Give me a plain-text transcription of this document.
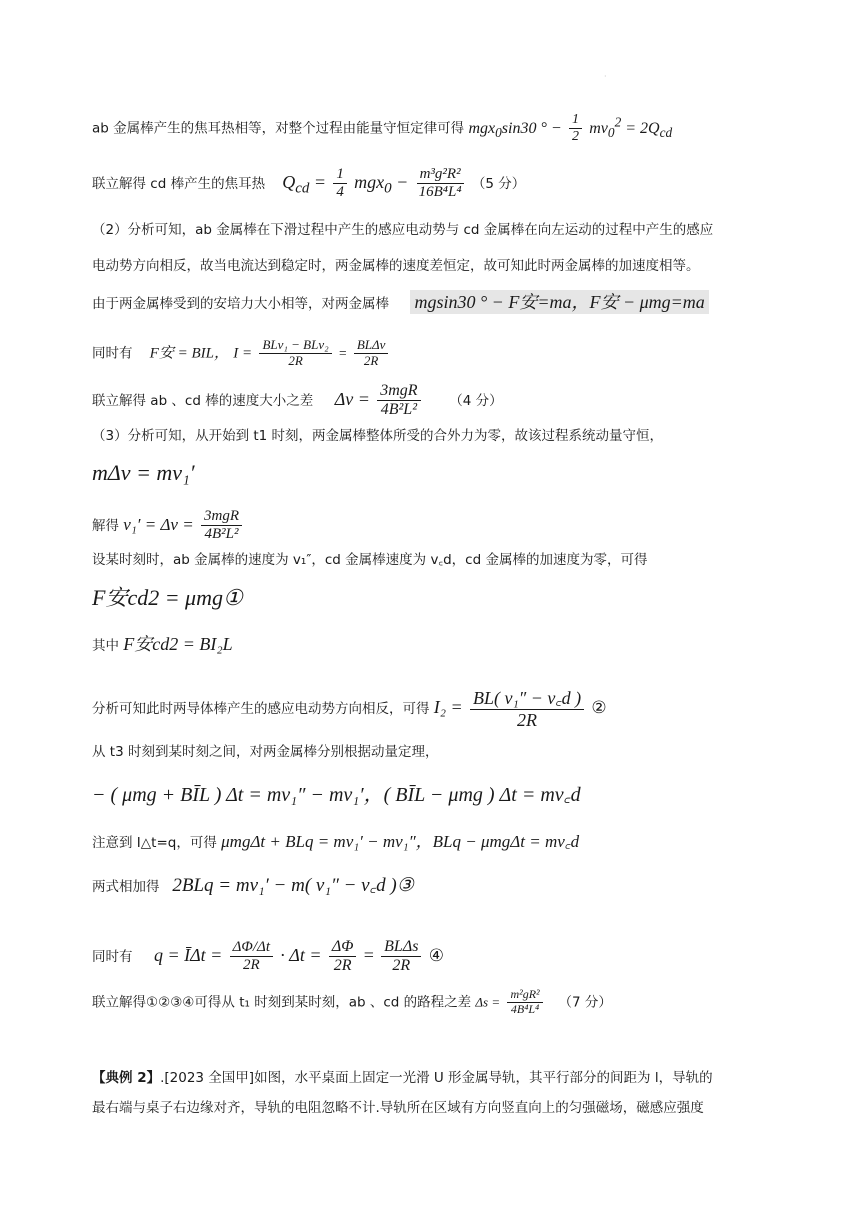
·
ab 金属棒产生的焦耳热相等，对整个过程由能量守恒定律可得 mgx$_0$sin30 ° − $\frac{1}{2} mv_0^2 = 2Q_{cd}$
联立解得 cd 棒产生的焦耳热 $Q_{cd} = \frac{1}{4} mgx_0 - \frac{\text{m³g²R²}}{\text{16B⁴L⁴}} (5$ 分）
（2）分析可知，ab 金属棒在下滑过程中产生的感应电动势与 cd 金属棒在向左运动的过程中产生的感应
电动势方向相反，故当电流达到稳定时，两金属棒的速度差恒定，故可知此时两金属棒的加速度相等。
由于两金属棒受到的安培力大小相等，对两金属棒 mgsin30 ° − F安=ma，F安 − μmg=ma
同时有 F安 = BIL， $I = \frac{\text{BLv₁ − BLv₂}}{2R} = \frac{\text{BLΔv}}{2R}$
联立解得 ab 、cd 棒的速度大小之差 $\Delta v = \frac{\text{3mgR}}{\text{4B²L²}} (4$ 分）
（3）分析可知，从开始到 t1 时刻，两金属棒整体所受的合外力为零，故该过程系统动量守恒，
mΔv = mv₁′
解得 $v_1' = \Delta v = \frac{\text{3mgR}}{\text{4B²L²}}$
设某时刻时，ab 金属棒的速度为 v₁″，cd 金属棒速度为 v꜀d，cd 金属棒的加速度为零，可得
F安cd2 = μmg①
其中 F安cd2 = BI₂L
分析可知此时两导体棒产生的感应电动势方向相反，可得 $I_2 = \frac{\text{BL( v₁″ − v꜀d )}}{2R}$ ②
从 t3 时刻到某时刻之间，对两金属棒分别根据动量定理，
− ( μmg + BĪL ) Δt = mv₁″ − mv₁′，( BĪL − μmg ) Δt = mv꜀d
注意到 I△t=q，可得 μmgΔt + BLq = mv₁′ − mv₁″，BLq − μmgΔt = mv꜀d
两式相加得 2BLq = mv₁′ − m( v₁″ − v꜀d )③
同时有 q = ĪΔt = $\frac{\Delta\Phi/\Delta t}{2R} \cdot \Delta t = \frac{\Delta\Phi}{2R} = \frac{\text{BLΔs}}{2R}$ ④
联立解得①②③④可得从 t₁ 时刻到某时刻，ab 、cd 的路程之差 $\Delta s = \frac{\text{m²gR²}}{\text{4B⁴L⁴}} (7$ 分）
【典例 2】.[2023 全国甲]如图，水平桌面上固定一光滑 U 形金属导轨，其平行部分的间距为 l，导轨的
最右端与桌子右边缘对齐，导轨的电阻忽略不计.导轨所在区域有方向竖直向上的匀强磁场，磁感应强度
